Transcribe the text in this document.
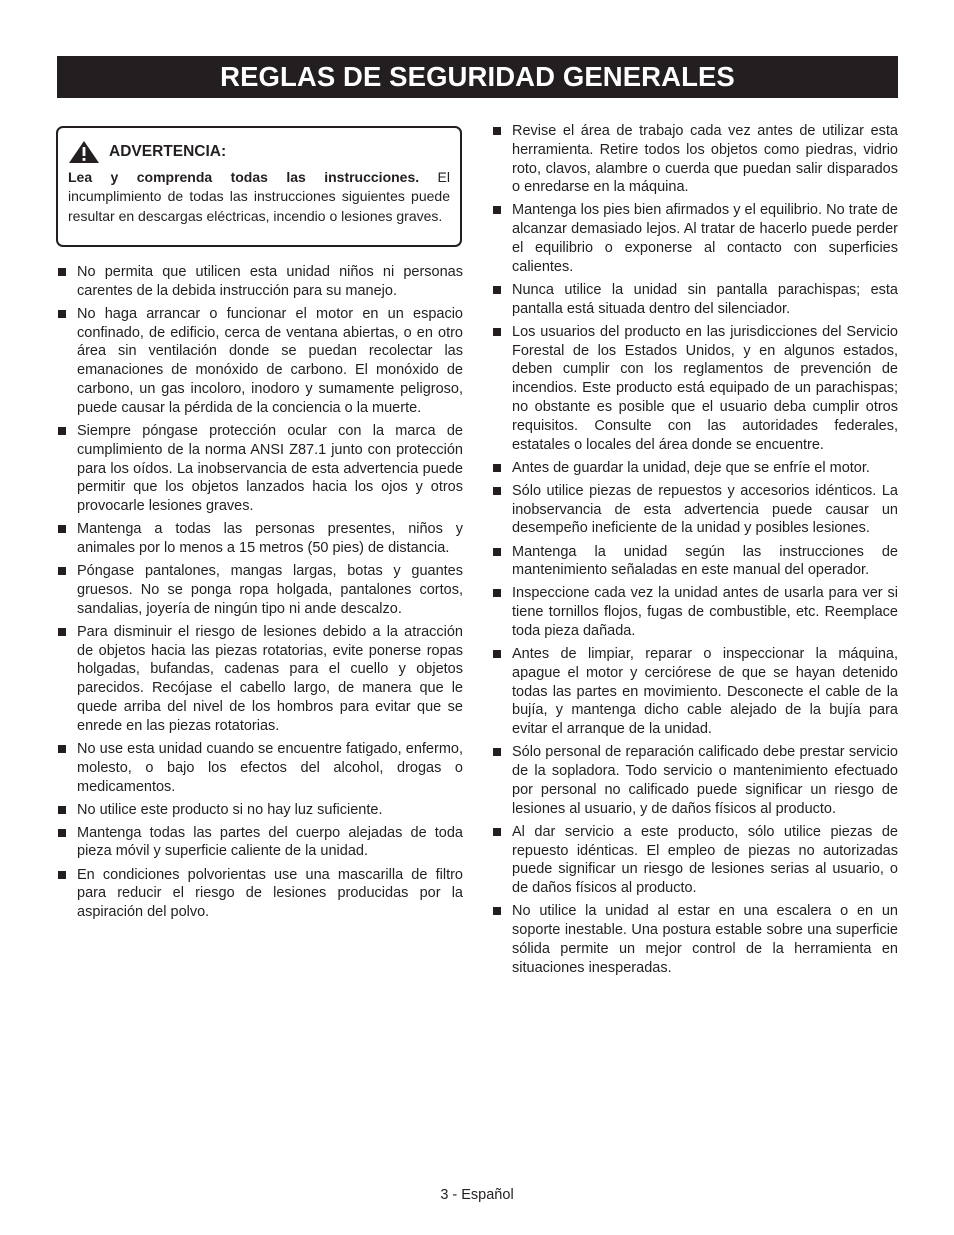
REGLAS DE SEGURIDAD GENERALES
ADVERTENCIA:

Lea y comprenda todas las instrucciones. El incumplimiento de todas las instrucciones siguientes puede resultar en descargas eléctricas, incendio o lesiones graves.

No permita que utilicen esta unidad niños ni personas carentes de la debida instrucción para su manejo.
No haga arrancar o funcionar el motor en un espacio confinado, de edificio, cerca de ventana abiertas, o en otro área sin ventilación donde se puedan recolectar las emanaciones de monóxido de carbono. El monóxido de carbono, un gas incoloro, inodoro y sumamente peligroso, puede causar la pérdida de la conciencia o la muerte.
Siempre póngase protección ocular con la marca de cumplimiento de la norma ANSI Z87.1 junto con protección para los oídos. La inobservancia de esta advertencia puede permitir que los objetos lanzados hacia los ojos y otros provocarle lesiones graves.
Mantenga a todas las personas presentes, niños y animales por lo menos a 15 metros (50 pies) de distancia.
Póngase pantalones, mangas largas, botas y guantes gruesos. No se ponga ropa holgada, pantalones cortos, sandalias, joyería de ningún tipo ni ande descalzo.
Para disminuir el riesgo de lesiones debido a la atracción de objetos hacia las piezas rotatorias, evite ponerse ropas holgadas, bufandas, cadenas para el cuello y objetos parecidos. Recójase el cabello largo, de manera que le quede arriba del nivel de los hombros para evitar que se enrede en las piezas rotatorias.
No use esta unidad cuando se encuentre fatigado, enfermo, molesto, o bajo los efectos del alcohol, drogas o medicamentos.
No utilice este producto si no hay luz suficiente.
Mantenga todas las partes del cuerpo alejadas de toda pieza móvil y superficie caliente de la unidad.
En condiciones polvorientas use una mascarilla de filtro para reducir el riesgo de lesiones producidas por la aspiración del polvo.
Revise el área de trabajo cada vez antes de utilizar esta herramienta. Retire todos los objetos como piedras, vidrio roto, clavos, alambre o cuerda que puedan salir disparados o enredarse en la máquina.
Mantenga los pies bien afirmados y el equilibrio. No trate de alcanzar demasiado lejos. Al tratar de hacerlo puede perder el equilibrio o exponerse al contacto con superficies calientes.
Nunca utilice la unidad sin pantalla parachispas; esta pantalla está situada dentro del silenciador.
Los usuarios del producto en las jurisdicciones del Servicio Forestal de los Estados Unidos, y en algunos estados, deben cumplir con los reglamentos de prevención de incendios. Este producto está equipado de un parachispas; no obstante es posible que el usuario deba cumplir otros requisitos. Consulte con las autoridades federales, estatales o locales del área donde se encuentre.
Antes de guardar la unidad, deje que se enfríe el motor.
Sólo utilice piezas de repuestos y accesorios idénticos. La inobservancia de esta advertencia puede causar un desempeño ineficiente de la unidad y posibles lesiones.
Mantenga la unidad según las instrucciones de mantenimiento señaladas en este manual del operador.
Inspeccione cada vez la unidad antes de usarla para ver si tiene tornillos flojos, fugas de combustible, etc. Reemplace toda pieza dañada.
Antes de limpiar, reparar o inspeccionar la máquina, apague el motor y cerciórese de que se hayan detenido todas las partes en movimiento. Desconecte el cable de la bujía, y mantenga dicho cable alejado de la bujía para evitar el arranque de la unidad.
Sólo personal de reparación calificado debe prestar servicio de la sopladora. Todo servicio o mantenimiento efectuado por personal no calificado puede significar un riesgo de lesiones al usuario, y de daños físicos al producto.
Al dar servicio a este producto, sólo utilice piezas de repuesto idénticas. El empleo de piezas no autorizadas puede significar un riesgo de lesiones serias al usuario, o de daños físicos al producto.
No utilice la unidad al estar en una escalera o en un soporte inestable. Una postura estable sobre una superficie sólida permite un mejor control de la herramienta en situaciones inesperadas.
3 - Español
